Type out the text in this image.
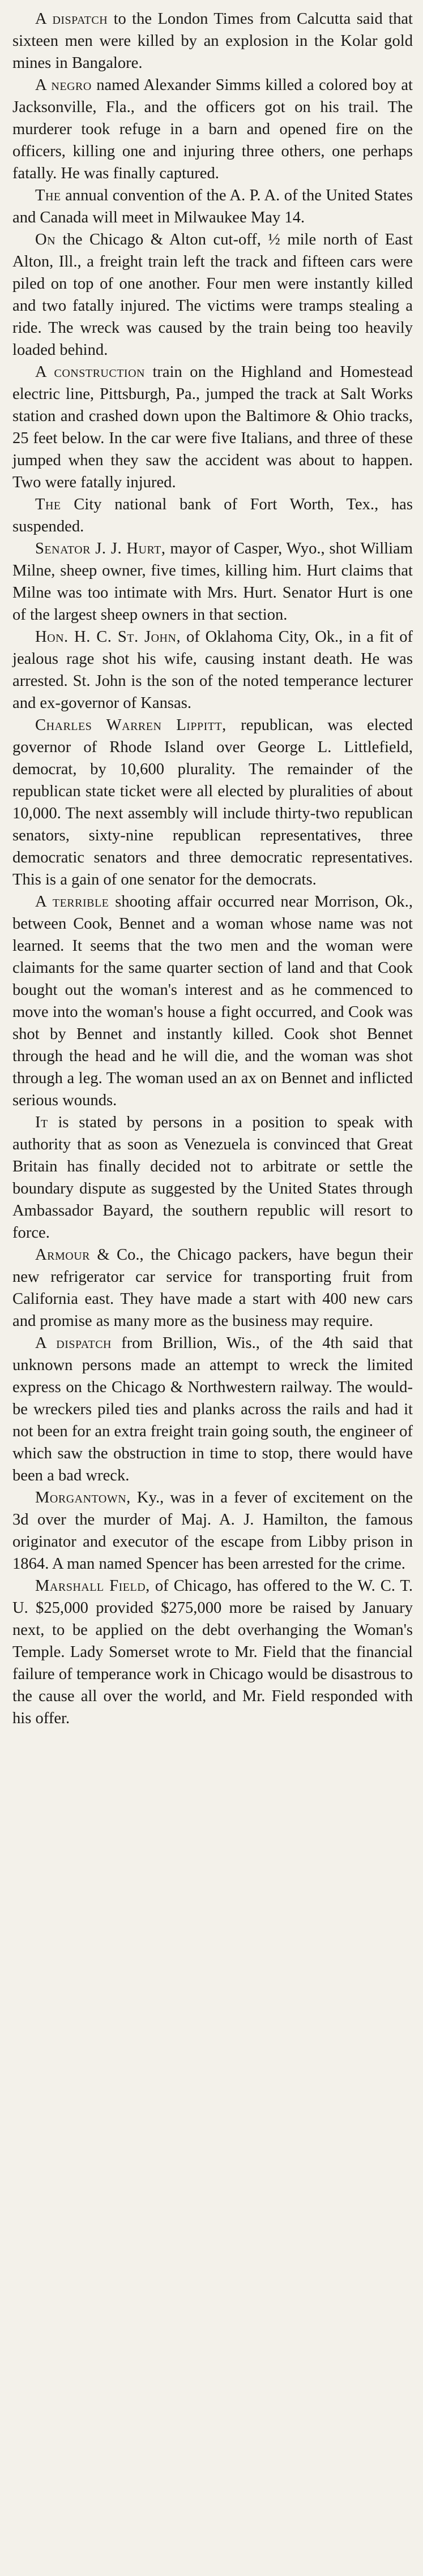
A dispatch to the London Times from Calcutta said that sixteen men were killed by an explosion in the Kolar gold mines in Bangalore.

A negro named Alexander Simms killed a colored boy at Jacksonville, Fla., and the officers got on his trail. The murderer took refuge in a barn and opened fire on the officers, killing one and injuring three others, one perhaps fatally. He was finally captured.

The annual convention of the A. P. A. of the United States and Canada will meet in Milwaukee May 14.

On the Chicago & Alton cut-off, ½ mile north of East Alton, Ill., a freight train left the track and fifteen cars were piled on top of one another. Four men were instantly killed and two fatally injured. The victims were tramps stealing a ride. The wreck was caused by the train being too heavily loaded behind.

A construction train on the Highland and Homestead electric line, Pittsburgh, Pa., jumped the track at Salt Works station and crashed down upon the Baltimore & Ohio tracks, 25 feet below. In the car were five Italians, and three of these jumped when they saw the accident was about to happen. Two were fatally injured.

The City national bank of Fort Worth, Tex., has suspended.

Senator J. J. Hurt, mayor of Casper, Wyo., shot William Milne, sheep owner, five times, killing him. Hurt claims that Milne was too intimate with Mrs. Hurt. Senator Hurt is one of the largest sheep owners in that section.

Hon. H. C. St. John, of Oklahoma City, Ok., in a fit of jealous rage shot his wife, causing instant death. He was arrested. St. John is the son of the noted temperance lecturer and ex-governor of Kansas.

Charles Warren Lippitt, republican, was elected governor of Rhode Island over George L. Littlefield, democrat, by 10,600 plurality. The remainder of the republican state ticket were all elected by pluralities of about 10,000. The next assembly will include thirty-two republican senators, sixty-nine republican representatives, three democratic senators and three democratic representatives. This is a gain of one senator for the democrats.

A terrible shooting affair occurred near Morrison, Ok., between Cook, Bennet and a woman whose name was not learned. It seems that the two men and the woman were claimants for the same quarter section of land and that Cook bought out the woman's interest and as he commenced to move into the woman's house a fight occurred, and Cook was shot by Bennet and instantly killed. Cook shot Bennet through the head and he will die, and the woman was shot through a leg. The woman used an ax on Bennet and inflicted serious wounds.

It is stated by persons in a position to speak with authority that as soon as Venezuela is convinced that Great Britain has finally decided not to arbitrate or settle the boundary dispute as suggested by the United States through Ambassador Bayard, the southern republic will resort to force.

Armour & Co., the Chicago packers, have begun their new refrigerator car service for transporting fruit from California east. They have made a start with 400 new cars and promise as many more as the business may require.

A dispatch from Brillion, Wis., of the 4th said that unknown persons made an attempt to wreck the limited express on the Chicago & Northwestern railway. The would-be wreckers piled ties and planks across the rails and had it not been for an extra freight train going south, the engineer of which saw the obstruction in time to stop, there would have been a bad wreck.

Morgantown, Ky., was in a fever of excitement on the 3d over the murder of Maj. A. J. Hamilton, the famous originator and executor of the escape from Libby prison in 1864. A man named Spencer has been arrested for the crime.

Marshall Field, of Chicago, has offered to the W. C. T. U. $25,000 provided $275,000 more be raised by January next, to be applied on the debt overhanging the Woman's Temple. Lady Somerset wrote to Mr. Field that the financial failure of temperance work in Chicago would be disastrous to the cause all over the world, and Mr. Field responded with his offer.
